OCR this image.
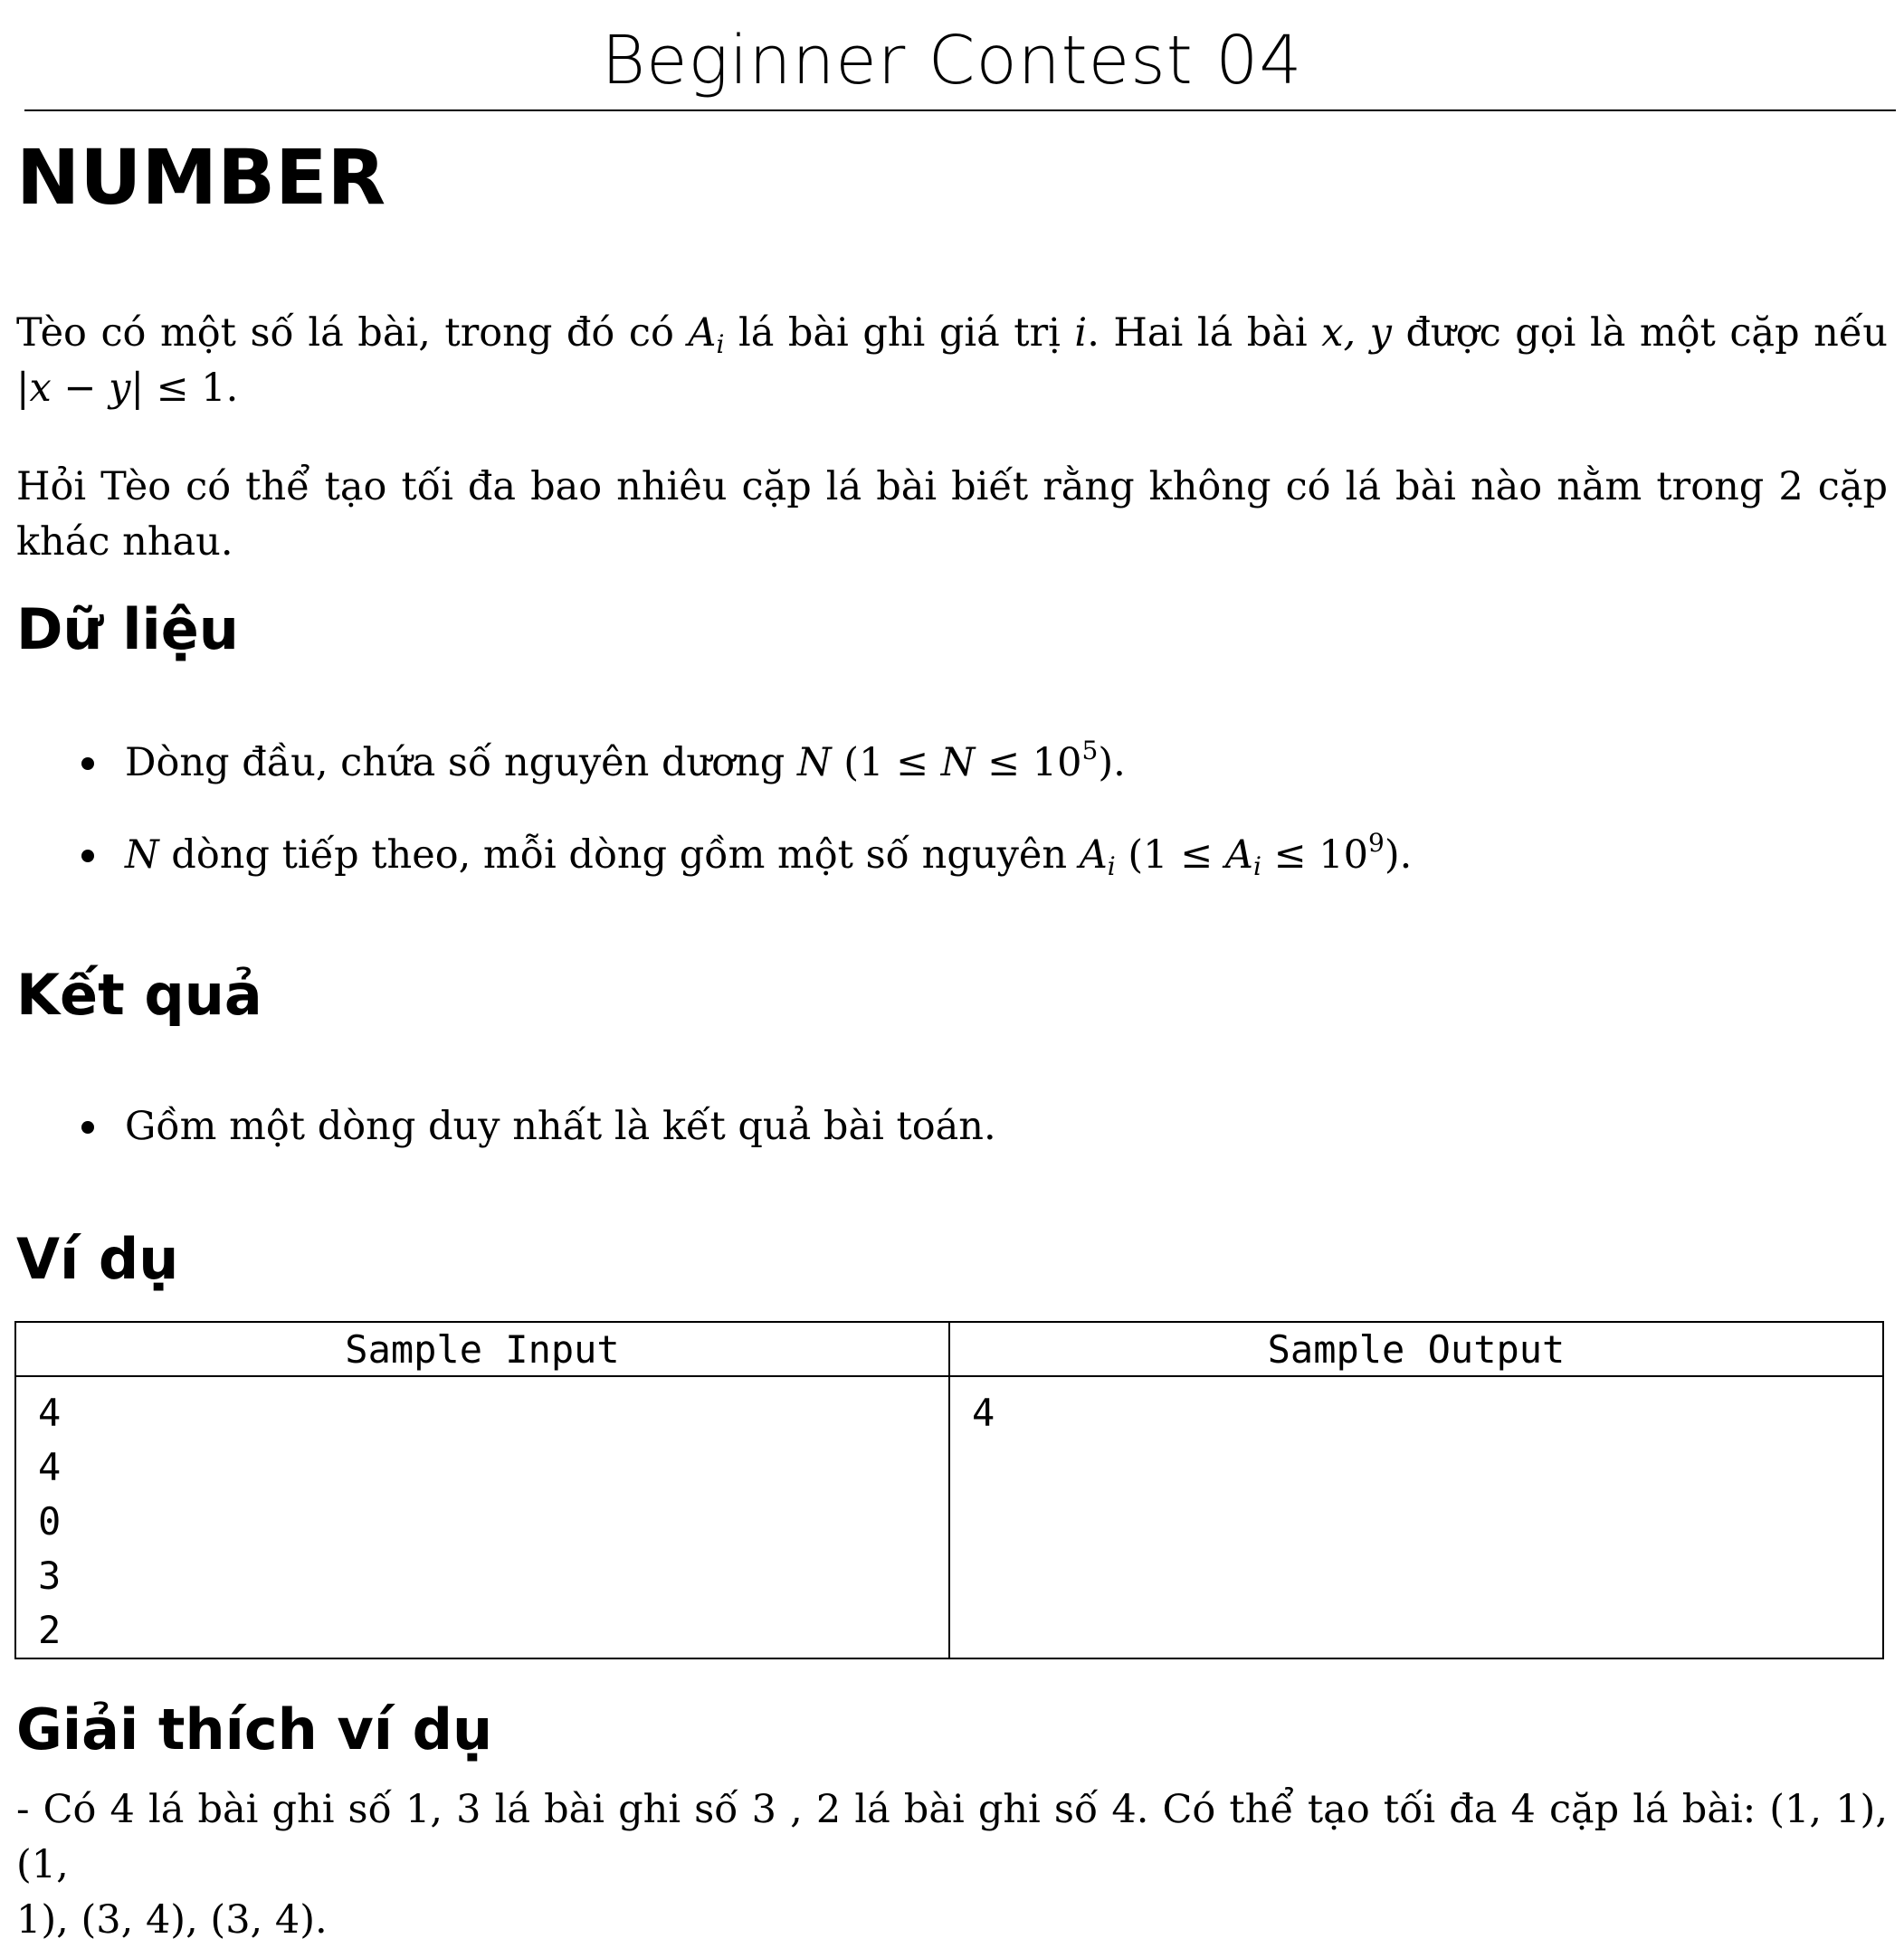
Beginner Contest 04
NUMBER
Tèo có một số lá bài, trong đó có $A_i$ lá bài ghi giá trị i. Hai lá bài x, y được gọi là một cặp nếu
|x − y| ≤ 1.
Hỏi Tèo có thể tạo tối đa bao nhiêu cặp lá bài biết rằng không có lá bài nào nằm trong 2 cặp
khác nhau.
Dữ liệu
Dòng đầu, chứa số nguyên dương N $(1 \le N \le 10^5)$.
N dòng tiếp theo, mỗi dòng gồm một số nguyên $A_i$ $(1 \le A_i \le 10^9)$.
Kết quả
Gồm một dòng duy nhất là kết quả bài toán.
Ví dụ
Sample Input	Sample Output

4
4
0
3
2	4
Giải thích ví dụ
- Có 4 lá bài ghi số 1, 3 lá bài ghi số 3 , 2 lá bài ghi số 4. Có thể tạo tối đa 4 cặp lá bài: (1, 1), (1,
1), (3, 4), (3, 4).
